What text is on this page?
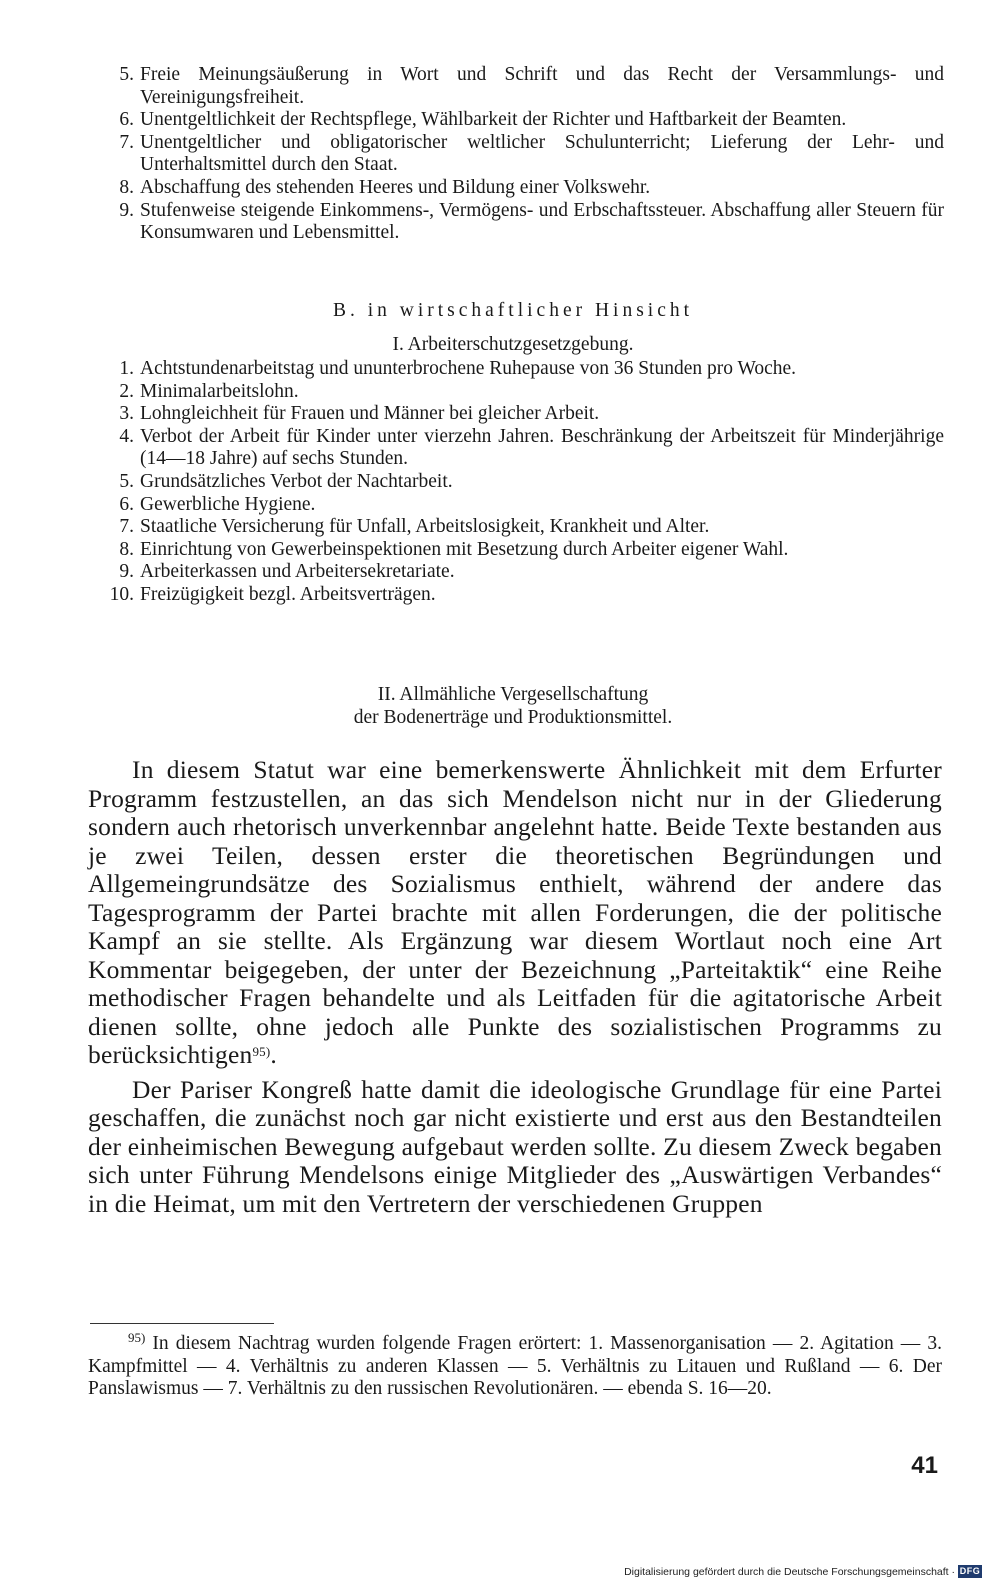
5. Freie Meinungsäußerung in Wort und Schrift und das Recht der Versammlungs- und Vereinigungsfreiheit.
6. Unentgeltlichkeit der Rechtspflege, Wählbarkeit der Richter und Haftbarkeit der Beamten.
7. Unentgeltlicher und obligatorischer weltlicher Schulunterricht; Lieferung der Lehr- und Unterhaltsmittel durch den Staat.
8. Abschaffung des stehenden Heeres und Bildung einer Volkswehr.
9. Stufenweise steigende Einkommens-, Vermögens- und Erbschaftssteuer. Abschaffung aller Steuern für Konsumwaren und Lebensmittel.
B. in wirtschaftlicher Hinsicht
I. Arbeiterschutzgesetzgebung.
1. Achtstundenarbeitstag und ununterbrochene Ruhepause von 36 Stunden pro Woche.
2. Minimalarbeitslohn.
3. Lohngleichheit für Frauen und Männer bei gleicher Arbeit.
4. Verbot der Arbeit für Kinder unter vierzehn Jahren. Beschränkung der Arbeitszeit für Minderjährige (14—18 Jahre) auf sechs Stunden.
5. Grundsätzliches Verbot der Nachtarbeit.
6. Gewerbliche Hygiene.
7. Staatliche Versicherung für Unfall, Arbeitslosigkeit, Krankheit und Alter.
8. Einrichtung von Gewerbeinspektionen mit Besetzung durch Arbeiter eigener Wahl.
9. Arbeiterkassen und Arbeitersekretariate.
10. Freizügigkeit bezgl. Arbeitsverträgen.
II. Allmähliche Vergesellschaftung
der Bodenerträge und Produktionsmittel.

In diesem Statut war eine bemerkenswerte Ähnlichkeit mit dem Erfurter Programm festzustellen, an das sich Mendelson nicht nur in der Gliederung sondern auch rhetorisch unverkennbar angelehnt hatte. Beide Texte bestanden aus je zwei Teilen, dessen erster die theoretischen Begründungen und Allgemeingrundsätze des Sozialismus enthielt, während der andere das Tagesprogramm der Partei brachte mit allen Forderungen, die der politische Kampf an sie stellte. Als Ergänzung war diesem Wortlaut noch eine Art Kommentar beigegeben, der unter der Bezeichnung „Parteitaktik“ eine Reihe methodischer Fragen behandelte und als Leitfaden für die agitatorische Arbeit dienen sollte, ohne jedoch alle Punkte des sozialistischen Programms zu berücksichtigen$^{95)}$.

Der Pariser Kongreß hatte damit die ideologische Grundlage für eine Partei geschaffen, die zunächst noch gar nicht existierte und erst aus den Bestandteilen der einheimischen Bewegung aufgebaut werden sollte. Zu diesem Zweck begaben sich unter Führung Mendelsons einige Mitglieder des „Auswärtigen Verbandes“ in die Heimat, um mit den Vertretern der verschiedenen Gruppen

$^{95)}$ In diesem Nachtrag wurden folgende Fragen erörtert: 1. Massenorganisation — 2. Agitation — 3. Kampfmittel — 4. Verhältnis zu anderen Klassen — 5. Verhältnis zu Litauen und Rußland — 6. Der Panslawismus — 7. Verhältnis zu den russischen Revolutionären. — ebenda S. 16—20.

41
Digitalisierung gefördert durch die Deutsche Forschungsgemeinschaft · DFG
